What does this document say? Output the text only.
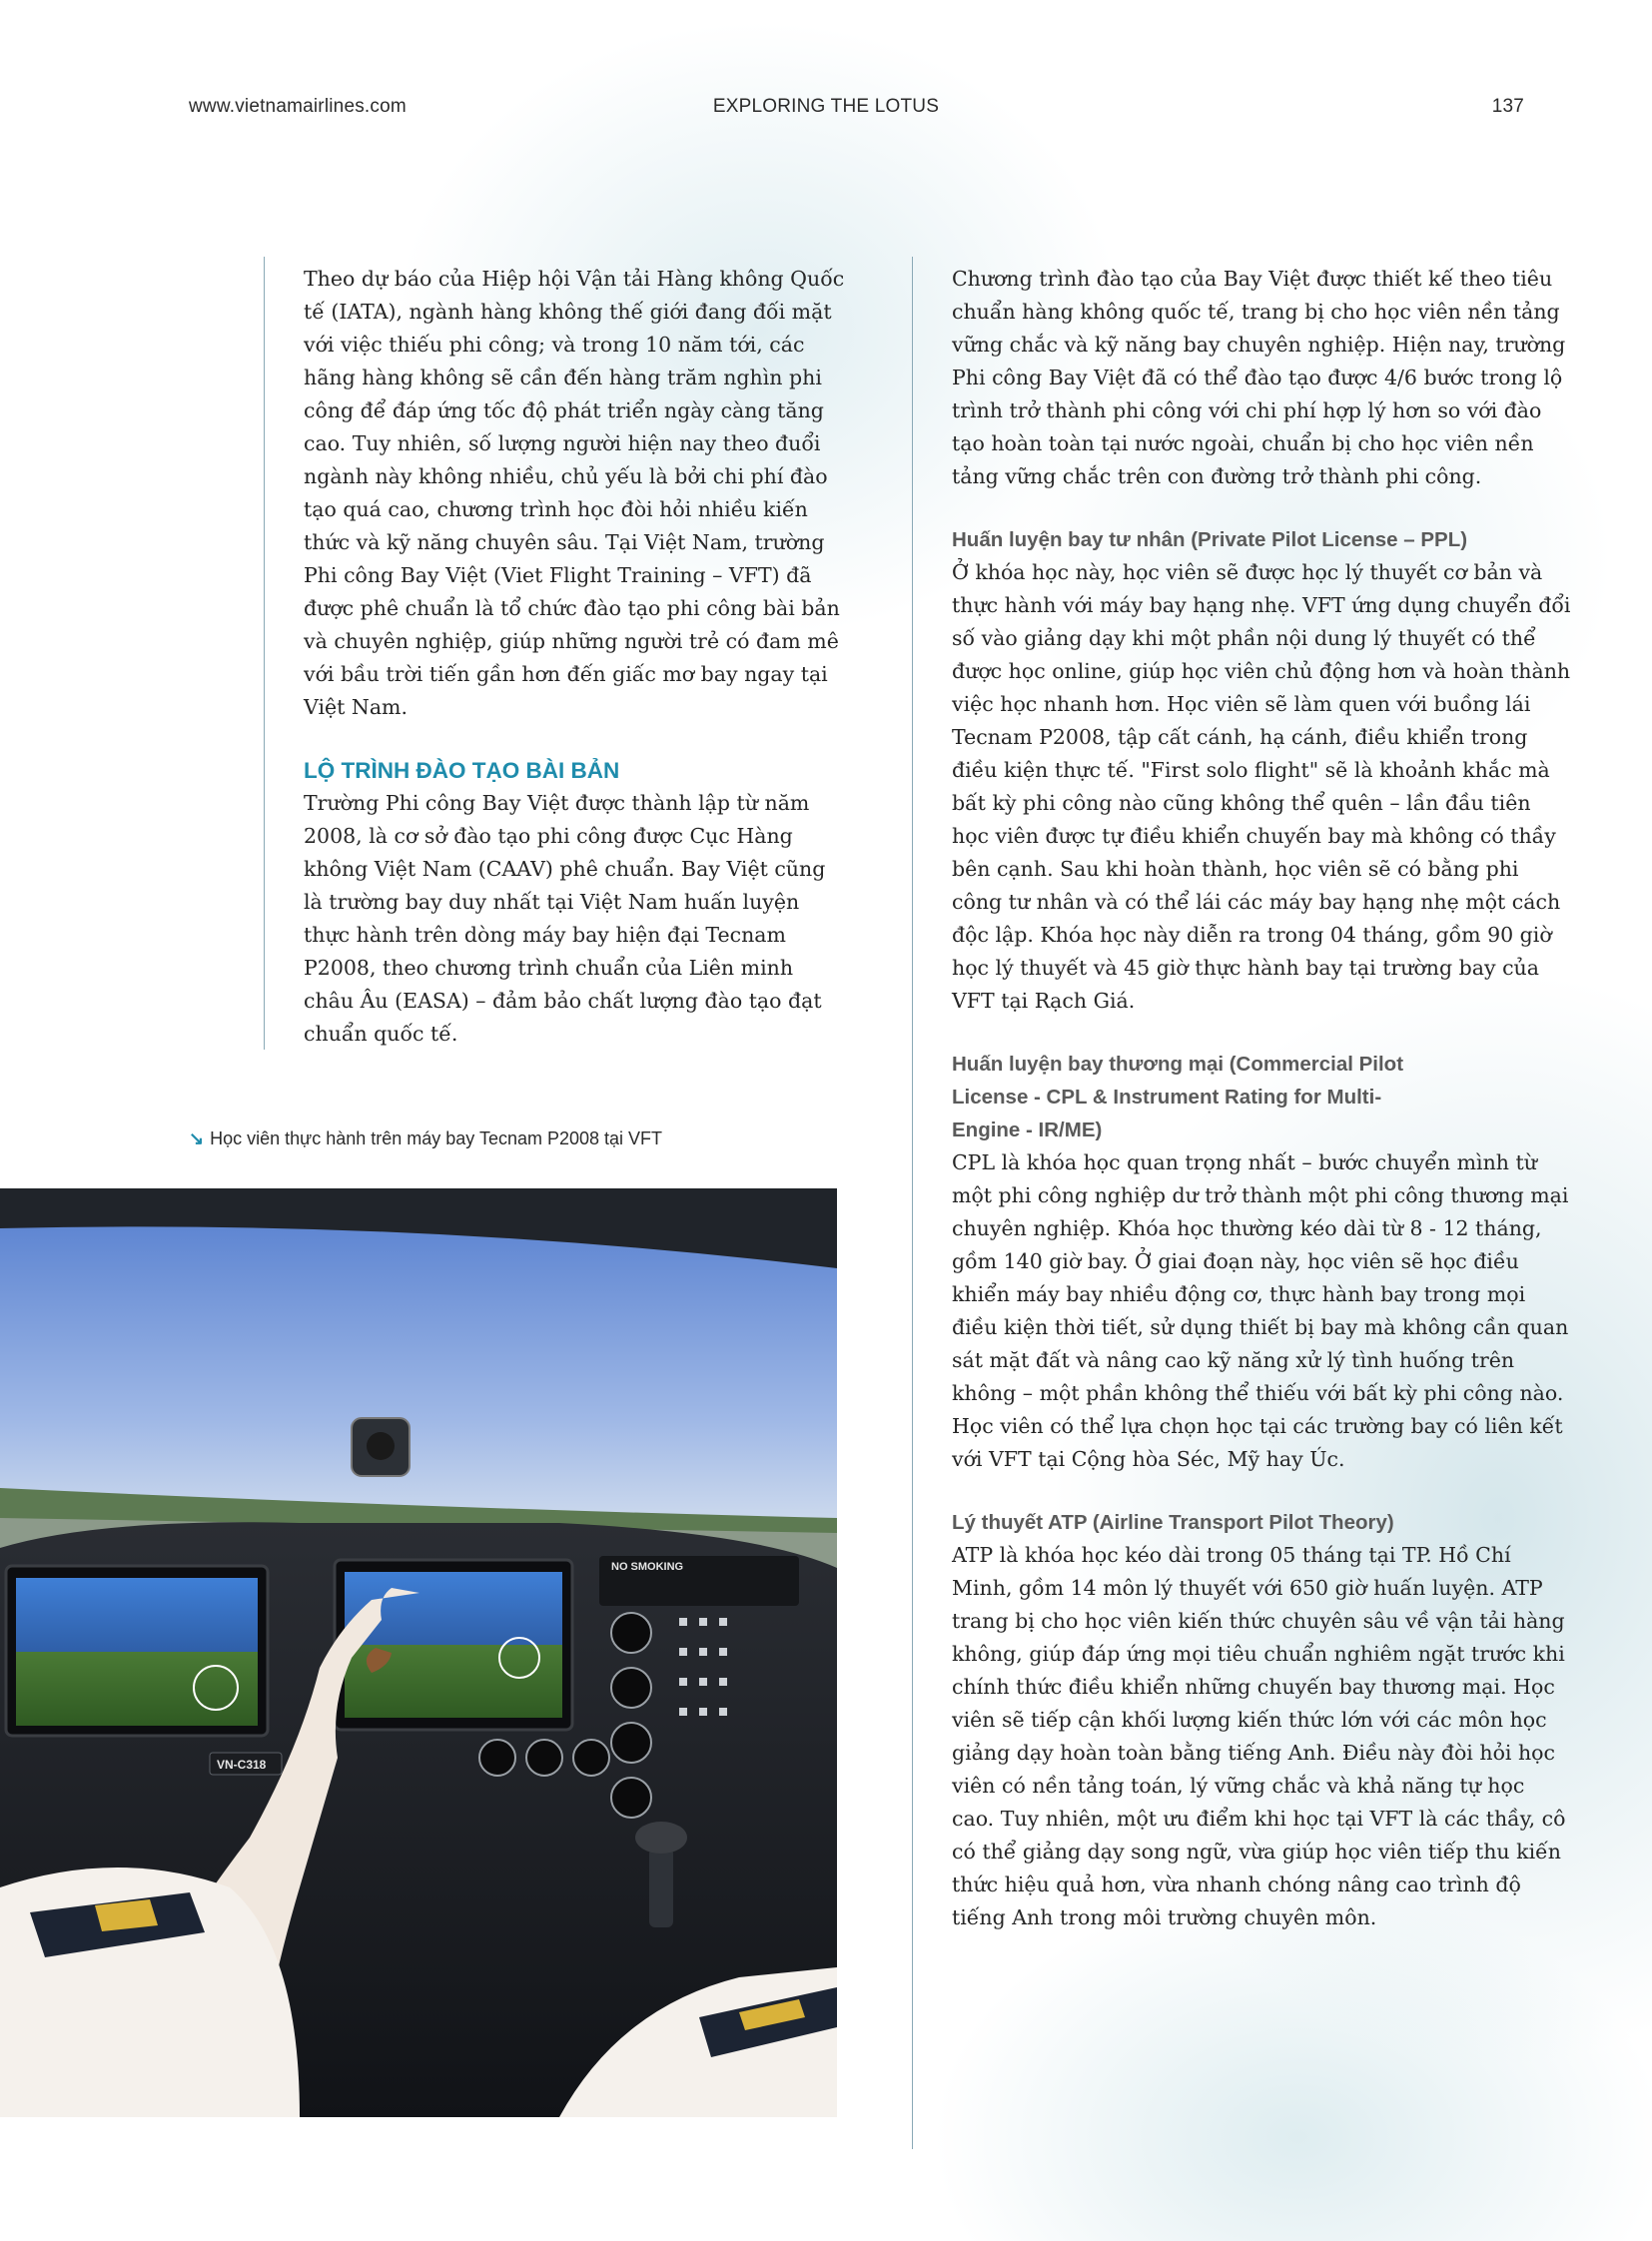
www.vietnamairlines.com	EXPLORING THE LOTUS	137

Theo dự báo của Hiệp hội Vận tải Hàng không Quốc tế (IATA), ngành hàng không thế giới đang đối mặt với việc thiếu phi công; và trong 10 năm tới, các hãng hàng không sẽ cần đến hàng trăm nghìn phi công để đáp ứng tốc độ phát triển ngày càng tăng cao. Tuy nhiên, số lượng người hiện nay theo đuổi ngành này không nhiều, chủ yếu là bởi chi phí đào tạo quá cao, chương trình học đòi hỏi nhiều kiến thức và kỹ năng chuyên sâu. Tại Việt Nam, trường Phi công Bay Việt (Viet Flight Training – VFT) đã được phê chuẩn là tổ chức đào tạo phi công bài bản và chuyên nghiệp, giúp những người trẻ có đam mê với bầu trời tiến gần hơn đến giấc mơ bay ngay tại Việt Nam.

LỘ TRÌNH ĐÀO TẠO BÀI BẢN

Trường Phi công Bay Việt được thành lập từ năm 2008, là cơ sở đào tạo phi công được Cục Hàng không Việt Nam (CAAV) phê chuẩn. Bay Việt cũng là trường bay duy nhất tại Việt Nam huấn luyện thực hành trên dòng máy bay hiện đại Tecnam P2008, theo chương trình chuẩn của Liên minh châu Âu (EASA) – đảm bảo chất lượng đào tạo đạt chuẩn quốc tế.

↘ Học viên thực hành trên máy bay Tecnam P2008 tại VFT
NO SMOKING
VN-C318

Chương trình đào tạo của Bay Việt được thiết kế theo tiêu chuẩn hàng không quốc tế, trang bị cho học viên nền tảng vững chắc và kỹ năng bay chuyên nghiệp. Hiện nay, trường Phi công Bay Việt đã có thể đào tạo được 4/6 bước trong lộ trình trở thành phi công với chi phí hợp lý hơn so với đào tạo hoàn toàn tại nước ngoài, chuẩn bị cho học viên nền tảng vững chắc trên con đường trở thành phi công.

Huấn luyện bay tư nhân (Private Pilot License – PPL)

Ở khóa học này, học viên sẽ được học lý thuyết cơ bản và thực hành với máy bay hạng nhẹ. VFT ứng dụng chuyển đổi số vào giảng dạy khi một phần nội dung lý thuyết có thể được học online, giúp học viên chủ động hơn và hoàn thành việc học nhanh hơn. Học viên sẽ làm quen với buồng lái Tecnam P2008, tập cất cánh, hạ cánh, điều khiển trong điều kiện thực tế. "First solo flight" sẽ là khoảnh khắc mà bất kỳ phi công nào cũng không thể quên – lần đầu tiên học viên được tự điều khiển chuyến bay mà không có thầy bên cạnh. Sau khi hoàn thành, học viên sẽ có bằng phi công tư nhân và có thể lái các máy bay hạng nhẹ một cách độc lập. Khóa học này diễn ra trong 04 tháng, gồm 90 giờ học lý thuyết và 45 giờ thực hành bay tại trường bay của VFT tại Rạch Giá.

Huấn luyện bay thương mại (Commercial Pilot License - CPL & Instrument Rating for Multi-Engine - IR/ME)

CPL là khóa học quan trọng nhất – bước chuyển mình từ một phi công nghiệp dư trở thành một phi công thương mại chuyên nghiệp. Khóa học thường kéo dài từ 8 - 12 tháng, gồm 140 giờ bay. Ở giai đoạn này, học viên sẽ học điều khiển máy bay nhiều động cơ, thực hành bay trong mọi điều kiện thời tiết, sử dụng thiết bị bay mà không cần quan sát mặt đất và nâng cao kỹ năng xử lý tình huống trên không – một phần không thể thiếu với bất kỳ phi công nào. Học viên có thể lựa chọn học tại các trường bay có liên kết với VFT tại Cộng hòa Séc, Mỹ hay Úc.

Lý thuyết ATP (Airline Transport Pilot Theory)

ATP là khóa học kéo dài trong 05 tháng tại TP. Hồ Chí Minh, gồm 14 môn lý thuyết với 650 giờ huấn luyện. ATP trang bị cho học viên kiến thức chuyên sâu về vận tải hàng không, giúp đáp ứng mọi tiêu chuẩn nghiêm ngặt trước khi chính thức điều khiển những chuyến bay thương mại. Học viên sẽ tiếp cận khối lượng kiến thức lớn với các môn học giảng dạy hoàn toàn bằng tiếng Anh. Điều này đòi hỏi học viên có nền tảng toán, lý vững chắc và khả năng tự học cao. Tuy nhiên, một ưu điểm khi học tại VFT là các thầy, cô có thể giảng dạy song ngữ, vừa giúp học viên tiếp thu kiến thức hiệu quả hơn, vừa nhanh chóng nâng cao trình độ tiếng Anh trong môi trường chuyên môn.
